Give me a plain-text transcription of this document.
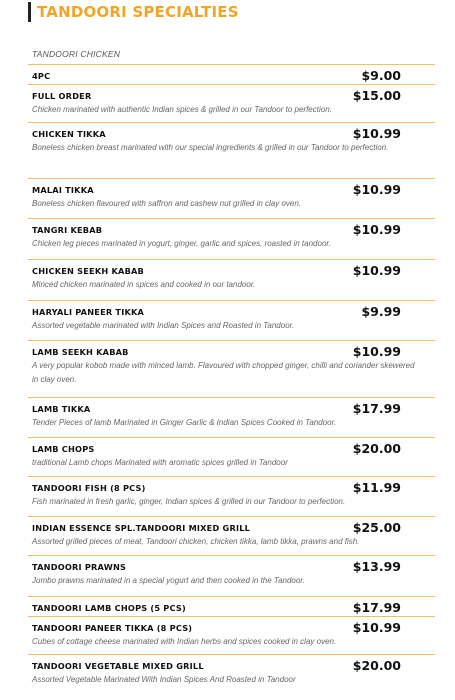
TANDOORI SPECIALTIES
TANDOORI CHICKEN
4PC	$9.00
FULL ORDER	$15.00
Chicken marinated with authentic Indian spices & grilled in our Tandoor to perfection.
CHICKEN TIKKA	$10.99
Boneless chicken breast marinated with our special ingredients & grilled in our Tandoor to perfection.
MALAI TIKKA	$10.99
Boneless chicken flavoured with saffron and cashew nut grilled in clay oven.
TANGRI KEBAB	$10.99
Chicken leg pieces marinated in yogurt, ginger, garlic and spices, roasted in tandoor.
CHICKEN SEEKH KABAB	$10.99
Minced chicken marinated in spices and cooked in our tandoor.
HARYALI PANEER TIKKA	$9.99
Assorted vegetable marinated with Indian Spices and Roasted in Tandoor.
LAMB SEEKH KABAB	$10.99
A very popular kobob made with minced lamb. Flavoured with chopped ginger, chilli and coriander skewered in clay oven.
LAMB TIKKA	$17.99
Tender Pieces of lamb Marinated in Ginger Garlic & Indian Spices Cooked in Tandoor.
LAMB CHOPS	$20.00
traditional Lamb chops Marinated with aromatic spices grilled in Tandoor
TANDOORI FISH (8 PCS)	$11.99
Fish marinated in fresh garlic, ginger, Indian spices & grilled in our Tandoor to perfection.
INDIAN ESSENCE SPL.TANDOORI MIXED GRILL	$25.00
Assorted grilled pieces of meat, Tandoori chicken, chicken tikka, lamb tikka, prawns and fish.
TANDOORI PRAWNS	$13.99
Jumbo prawns marinated in a special yogurt and then cooked in the Tandoor.
TANDOORI LAMB CHOPS (5 PCS)	$17.99
TANDOORI PANEER TIKKA (8 PCS)	$10.99
Cubes of cottage cheese marinated with Indian herbs and spices cooked in clay oven.
TANDOORI VEGETABLE MIXED GRILL	$20.00
Assorted Vegetable Marinated With Indian Spices And Roasted in Tandoor
